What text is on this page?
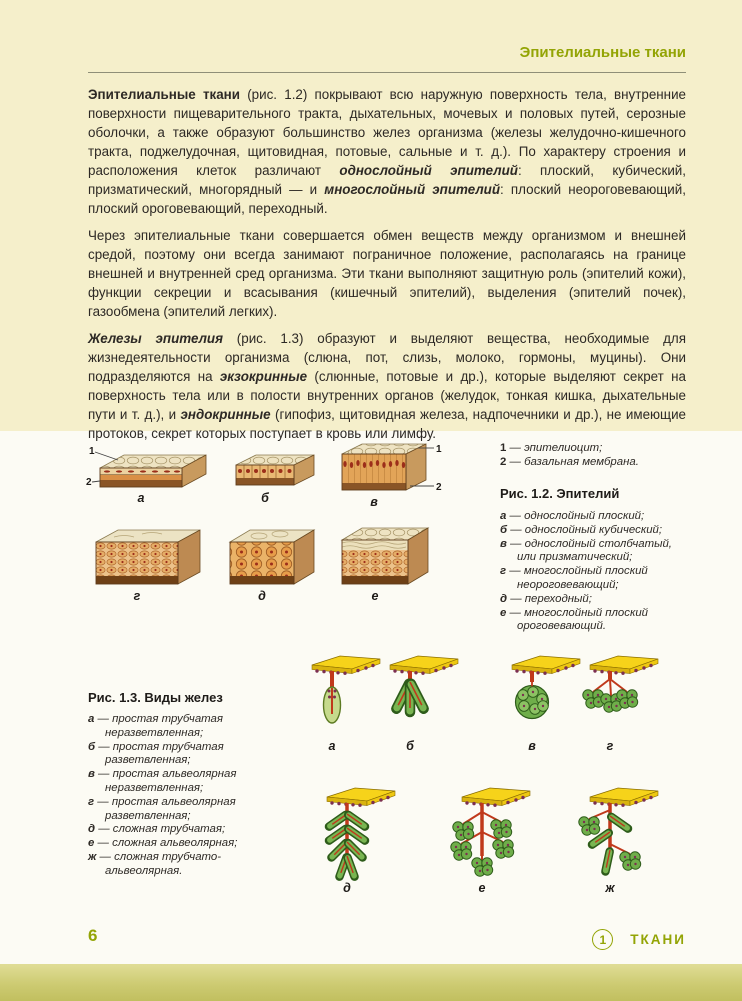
Эпителиальные ткани

Эпителиальные ткани (рис. 1.2) покрывают всю наружную поверхность тела, внутренние поверхности пищеварительного тракта, дыхательных, мочевых и половых путей, серозные оболочки, а также образуют большинство желез организма (железы желудочно-кишечного тракта, поджелудочная, щитовидная, потовые, сальные и т. д.). По характеру строения и расположения клеток различают однослойный эпителий: плоский, кубический, призматический, многорядный — и многослойный эпителий: плоский неороговевающий, плоский ороговевающий, переходный.

Через эпителиальные ткани совершается обмен веществ между организмом и внешней средой, поэтому они всегда занимают пограничное положение, располагаясь на границе внешней и внутренней сред организма. Эти ткани выполняют защитную роль (эпителий кожи), функции секреции и всасывания (кишечный эпителий), выделения (эпителий почек), газообмена (эпителий легких).

Железы эпителия (рис. 1.3) образуют и выделяют вещества, необходимые для жизнедеятельности организма (слюна, пот, слизь, молоко, гормоны, муцины). Они подразделяются на экзокринные (слюнные, потовые и др.), которые выделяют секрет на поверхность тела или в полости внутренних органов (желудок, тонкая кишка, дыхательные пути и т. д.), и эндокринные (гипофиз, щитовидная железа, надпочечники и др.), не имеющие протоков, секрет которых поступает в кровь или лимфу.

1
2
1
2
а	б	в
г	д	е
1 — эпителиоцит;
2 — базальная мембрана.
Рис. 1.2. Эпителий
а — однослойный плоский;
б — однослойный кубический;
в — однослойный столбчатый, или призматический;
г — многослойный плоский неороговевающий;
д — переходный;
е — многослойный плоский ороговевающий.
Рис. 1.3. Виды желез
а — простая трубчатая неразветвленная;
б — простая трубчатая разветвленная;
в — простая альвеолярная неразветвленная;
г — простая альвеолярная разветвленная;
д — сложная трубчатая;
е — сложная альвеолярная;
ж — сложная трубчато-альвеолярная.
а	б	в	г
д	е	ж
6	1 ТКАНИ
